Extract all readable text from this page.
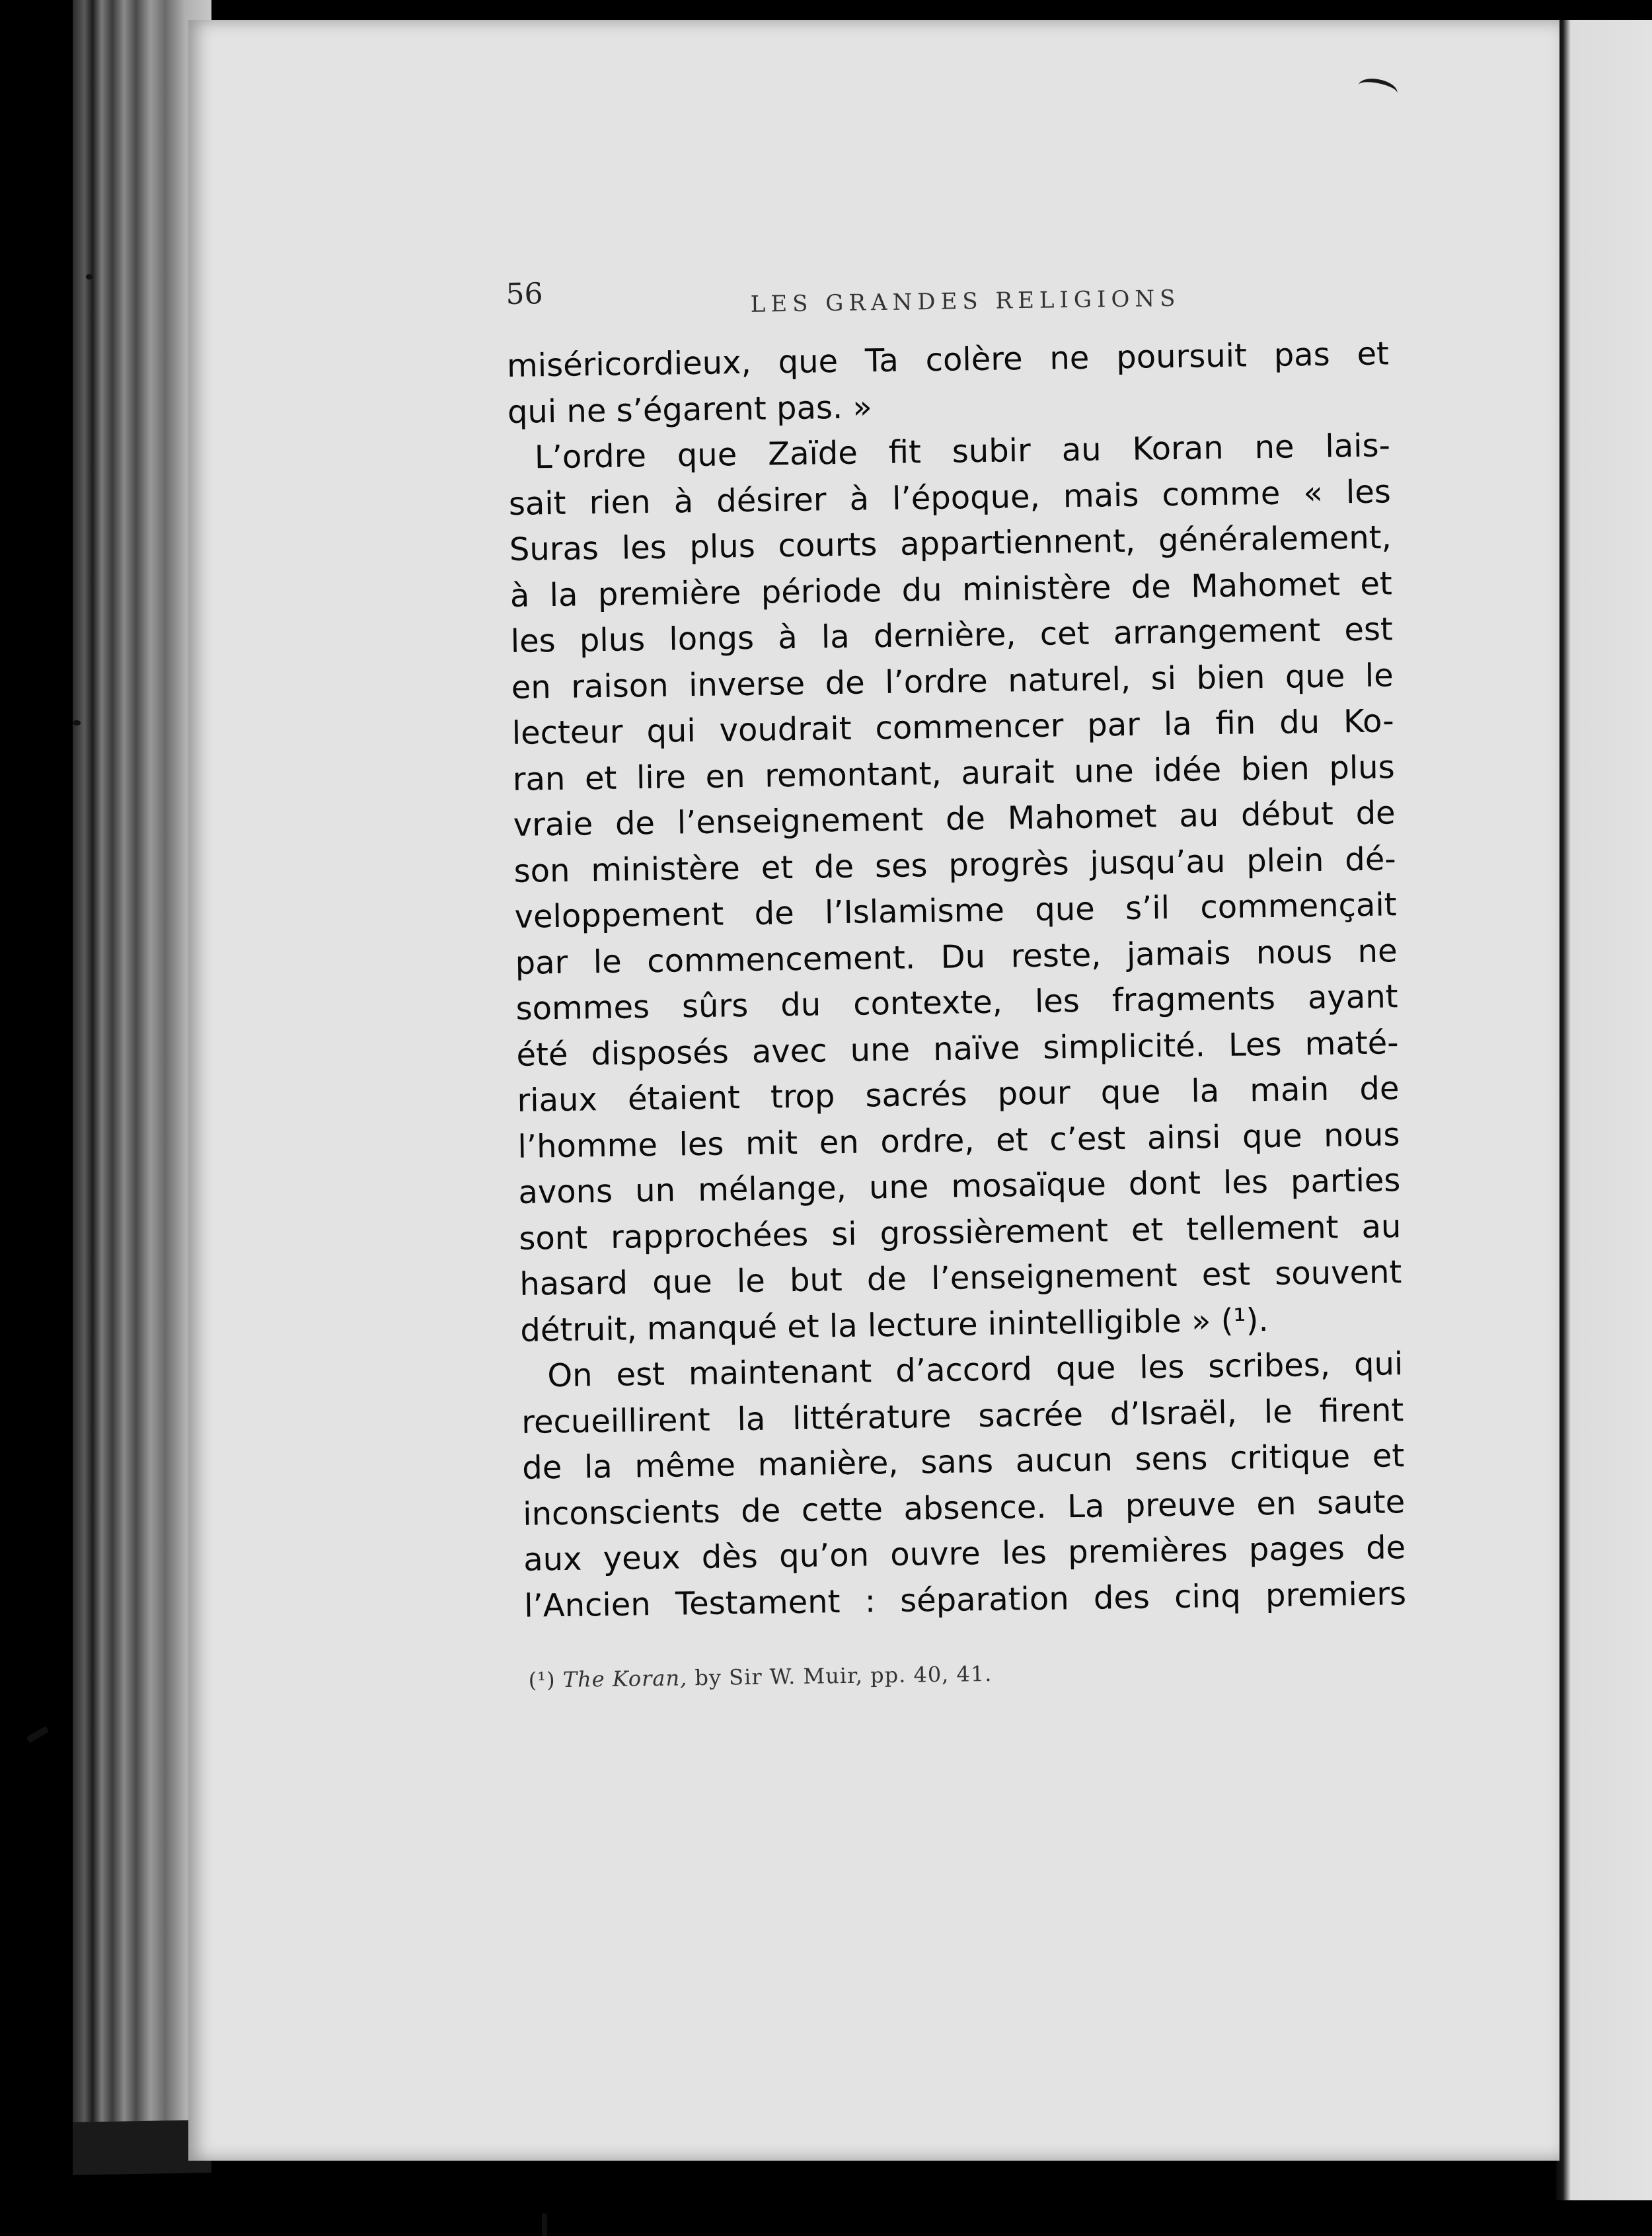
56	LES GRANDES RELIGIONS
miséricordieux, que Ta colère ne poursuit pas et
qui ne s’égarent pas. »
L’ordre que Zaïde fit subir au Koran ne lais-
sait rien à désirer à l’époque, mais comme « les
Suras les plus courts appartiennent, généralement,
à la première période du ministère de Mahomet et
les plus longs à la dernière, cet arrangement est
en raison inverse de l’ordre naturel, si bien que le
lecteur qui voudrait commencer par la fin du Ko-
ran et lire en remontant, aurait une idée bien plus
vraie de l’enseignement de Mahomet au début de
son ministère et de ses progrès jusqu’au plein dé-
veloppement de l’Islamisme que s’il commençait
par le commencement. Du reste, jamais nous ne
sommes sûrs du contexte, les fragments ayant
été disposés avec une naïve simplicité. Les maté-
riaux étaient trop sacrés pour que la main de
l’homme les mit en ordre, et c’est ainsi que nous
avons un mélange, une mosaïque dont les parties
sont rapprochées si grossièrement et tellement au
hasard que le but de l’enseignement est souvent
détruit, manqué et la lecture inintelligible » (¹).
On est maintenant d’accord que les scribes, qui
recueillirent la littérature sacrée d’Israël, le firent
de la même manière, sans aucun sens critique et
inconscients de cette absence. La preuve en saute
aux yeux dès qu’on ouvre les premières pages de
l’Ancien Testament : séparation des cinq premiers
(¹) The Koran, by Sir W. Muir, pp. 40, 41.
